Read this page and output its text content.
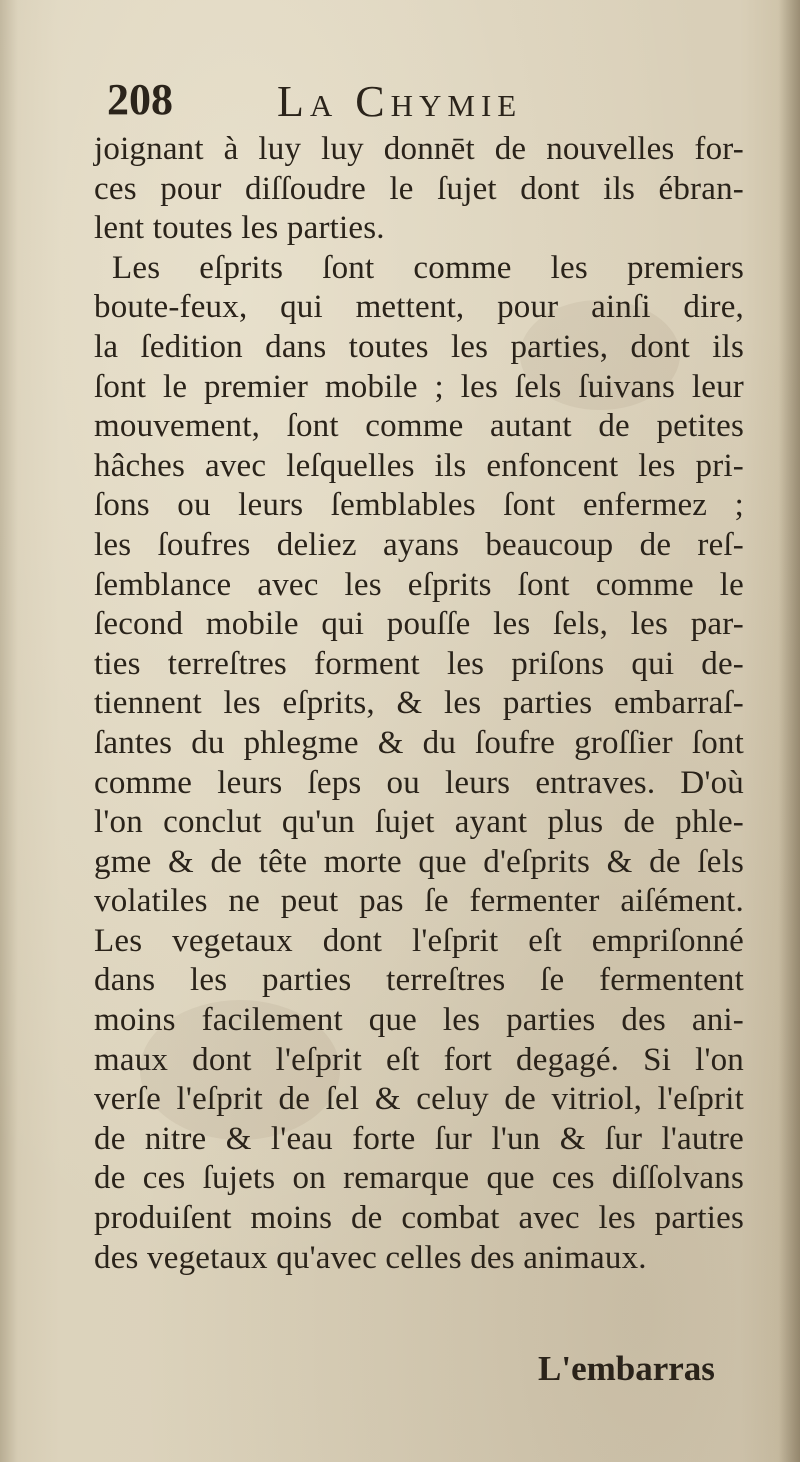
208 La Chymie
joignant à luy luy donnēt de nouvelles for-
ces pour diſſoudre le ſujet dont ils ébran-
lent toutes les parties.
Les eſprits ſont comme les premiers
boute-feux, qui mettent, pour ainſi dire,
la ſedition dans toutes les parties, dont ils
ſont le premier mobile ; les ſels ſuivans leur
mouvement, ſont comme autant de petites
hâches avec leſquelles ils enfoncent les pri-
ſons ou leurs ſemblables ſont enfermez ;
les ſoufres deliez ayans beaucoup de reſ-
ſemblance avec les eſprits ſont comme le
ſecond mobile qui pouſſe les ſels, les par-
ties terreſtres forment les priſons qui de-
tiennent les eſprits, & les parties embarraſ-
ſantes du phlegme & du ſoufre groſſier ſont
comme leurs ſeps ou leurs entraves. D'où
l'on conclut qu'un ſujet ayant plus de phle-
gme & de tête morte que d'eſprits & de ſels
volatiles ne peut pas ſe fermenter aiſément.
Les vegetaux dont l'eſprit eſt empriſonné
dans les parties terreſtres ſe fermentent
moins facilement que les parties des ani-
maux dont l'eſprit eſt fort degagé. Si l'on
verſe l'eſprit de ſel & celuy de vitriol, l'eſprit
de nitre & l'eau forte ſur l'un & ſur l'autre
de ces ſujets on remarque que ces diſſolvans
produiſent moins de combat avec les parties
des vegetaux qu'avec celles des animaux.
L'embarras
